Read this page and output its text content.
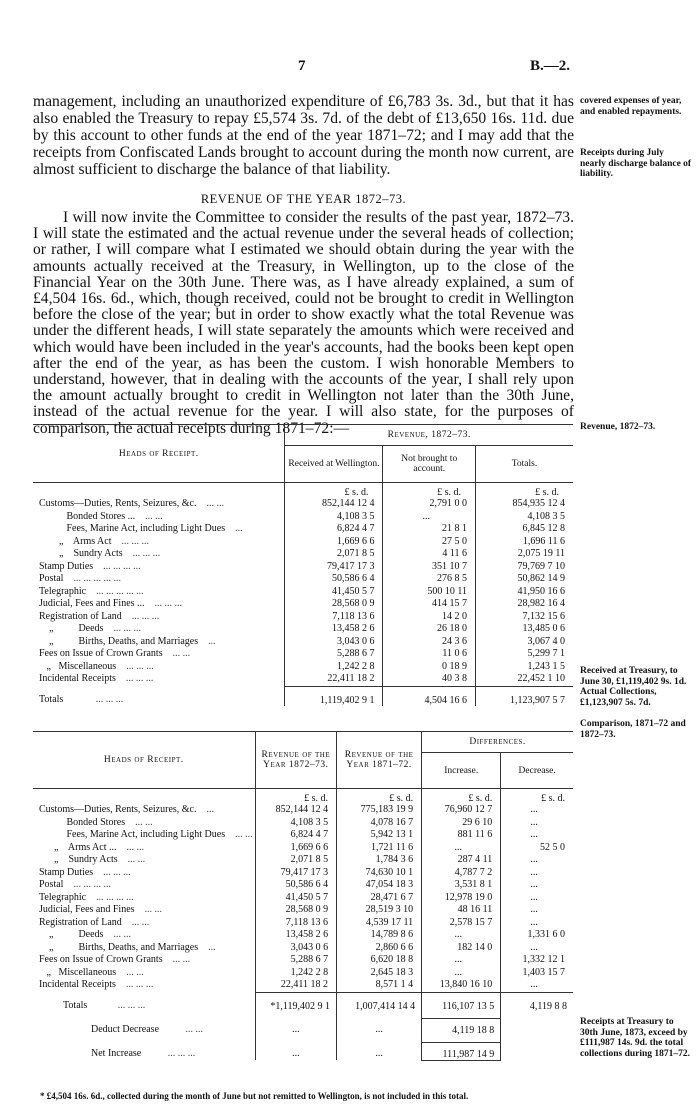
7	B.—2.

management, including an unauthorized expenditure of £6,783 3s. 3d., but that it has also enabled the Treasury to repay £5,574 3s. 7d. of the debt of £13,650 16s. 11d. due by this account to other funds at the end of the year 1871–72; and I may add that the receipts from Confiscated Lands brought to account during the month now current, are almost sufficient to discharge the balance of that liability.

covered expenses of year, and enabled repayments.
Receipts during July nearly discharge balance of liability.
REVENUE OF THE YEAR 1872–73.

I will now invite the Committee to consider the results of the past year, 1872–73. I will state the estimated and the actual revenue under the several heads of collection; or rather, I will compare what I estimated we should obtain during the year with the amounts actually received at the Treasury, in Wellington, up to the close of the Financial Year on the 30th June. There was, as I have already explained, a sum of £4,504 16s. 6d., which, though received, could not be brought to credit in Wellington before the close of the year; but in order to show exactly what the total Revenue was under the different heads, I will state separately the amounts which were received and which would have been included in the year's accounts, had the books been kept open after the end of the year, as has been the custom. I wish honorable Members to understand, however, that in dealing with the accounts of the year, I shall rely upon the amount actually brought to credit in Wellington not later than the 30th June, instead of the actual revenue for the year. I will also state, for the purposes of comparison, the actual receipts during 1871–72:—	Revenue, 1872–73.
Heads of Receipt.	Revenue, 1872–73.		
	Received at Wellington.	Not brought to account.	Totals.
	£ s. d.	£ s. d.	£ s. d.
Customs—Duties, Rents, Seizures, &c. ... ...	852,144 12 4	2,791 0 0	854,935 12 4
Bonded Stores ... ... ...	4,108 3 5	...	4,108 3 5
Fees, Marine Act, including Light Dues ...	6,824 4 7	21 8 1	6,845 12 8
„    Arms Act ... ... ...	1,669 6 6	27 5 0	1,696 11 6
„    Sundry Acts ... ... ...	2,071 8 5	4 11 6	2,075 19 11
Stamp Duties ... ... ... ...	79,417 17 3	351 10 7	79,769 7 10
Postal ... ... ... ... ...	50,586 6 4	276 8 5	50,862 14 9
Telegraphic ... ... ... ... ...	41,450 5 7	500 10 11	41,950 16 6
Judicial, Fees and Fines ... ... ... ...	28,568 0 9	414 15 7	28,982 16 4
Registration of Land ... ... ...	7,118 13 6	14 2 0	7,132 15 6
„          Deeds ... ... ...	13,458 2 6	26 18 0	13,485 0 6
„          Births, Deaths, and Marriages ...	3,043 0 6	24 3 6	3,067 4 0
Fees on Issue of Crown Grants ... ...	5,288 6 7	11 0 6	5,299 7 1
„   Miscellaneous ... ... ...	1,242 2 8	0 18 9	1,243 1 5
Incidental Receipts ... ... ...	22,411 18 2	40 3 8	22,452 1 10
Totals ... ... ...	1,119,402 9 1	4,504 16 6	1,123,907 5 7
Received at Treasury, to June 30, £1,119,402 9s. 1d. Actual Collections, £1,123,907 5s. 7d.
Comparison, 1871–72 and 1872–73.
Heads of Receipt.	Revenue of the Year 1872–73.	Revenue of the Year 1871–72.	Differences.	
			Increase.	Decrease.
	£ s. d.	£ s. d.	£ s. d.	£ s. d.
Customs—Duties, Rents, Seizures, &c. ...	852,144 12 4	775,183 19 9	76,960 12 7	...
Bonded Stores ... ...	4,108 3 5	4,078 16 7	29 6 10	...
Fees, Marine Act, including Light Dues ... ...	6,824 4 7	5,942 13 1	881 11 6	...
„    Arms Act ... ... ...	1,669 6 6	1,721 11 6	...	52 5 0
„    Sundry Acts ... ...	2,071 8 5	1,784 3 6	287 4 11	...
Stamp Duties ... ... ...	79,417 17 3	74,630 10 1	4,787 7 2	...
Postal ... ... ... ...	50,586 6 4	47,054 18 3	3,531 8 1	...
Telegraphic ... ... ... ...	41,450 5 7	28,471 6 7	12,978 19 0	...
Judicial, Fees and Fines ... ...	28,568 0 9	28,519 3 10	48 16 11	...
Registration of Land ... ...	7,118 13 6	4,539 17 11	2,578 15 7	...
„          Deeds ... ...	13,458 2 6	14,789 8 6	...	1,331 6 0
„          Births, Deaths, and Marriages ...	3,043 0 6	2,860 6 6	182 14 0	...
Fees on Issue of Crown Grants ... ...	5,288 6 7	6,620 18 8	...	1,332 12 1
„   Miscellaneous ... ...	1,242 2 8	2,645 18 3	...	1,403 15 7
Incidental Receipts ... ... ...	22,411 18 2	8,571 1 4	13,840 16 10	...
Totals ... ... ...	*1,119,402 9 1	1,007,414 14 4	116,107 13 5	4,119 8 8
Deduct Decrease ... ...	...	...	4,119 18 8	
Net Increase ... ... ...	...	...	111,987 14 9	
Receipts at Treasury to 30th June, 1873, exceed by £111,987 14s. 9d. the total collections during 1871–72.
* £4,504 16s. 6d., collected during the month of June but not remitted to Wellington, is not included in this total.
